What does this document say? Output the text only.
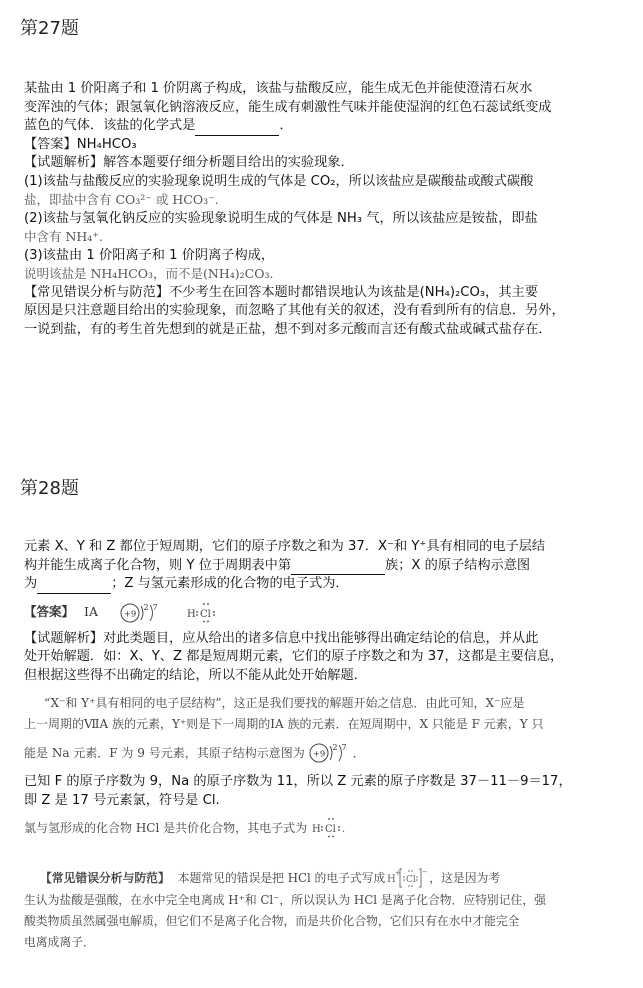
第27题
某盐由 1 价阳离子和 1 价阴离子构成，该盐与盐酸反应，能生成无色并能使澄清石灰水
变浑浊的气体；跟氢氧化钠溶液反应，能生成有刺激性气味并能使湿润的红色石蕊试纸变成
蓝色的气体．该盐的化学式是	．
【答案】NH₄HCO₃
【试题解析】解答本题要仔细分析题目给出的实验现象．
(1)该盐与盐酸反应的实验现象说明生成的气体是 CO₂，所以该盐应是碳酸盐或酸式碳酸
盐，即盐中含有 CO₃²⁻ 或 HCO₃⁻.
(2)该盐与氢氧化钠反应的实验现象说明生成的气体是 NH₃ 气，所以该盐应是铵盐，即盐
中含有 NH₄⁺.
(3)该盐由 1 价阳离子和 1 价阴离子构成，
说明该盐是 NH₄HCO₃，而不是(NH₄)₂CO₃.
【常见错误分析与防范】不少考生在回答本题时都错误地认为该盐是(NH₄)₂CO₃，其主要
原因是只注意题目给出的实验现象，而忽略了其他有关的叙述，没有看到所有的信息．另外，
一说到盐，有的考生首先想到的就是正盐，想不到对多元酸而言还有酸式盐或碱式盐存在．
第28题
元素 X、Y 和 Z 都位于短周期，它们的原子序数之和为 37．X⁻和 Y⁺具有相同的电子层结
构并能生成离子化合物，则 Y 位于周期表中第	族；X 的原子结构示意图
为	；Z 与氢元素形成的化合物的电子式为．
【答案】 ⅠA	+9
2 7
H Cl
【试题解析】对此类题目，应从给出的诸多信息中找出能够得出确定结论的信息，并从此
处开始解题．如：X、Y、Z 都是短周期元素，它们的原子序数之和为 37，这都是主要信息，
但根据这些得不出确定的结论，所以不能从此处开始解题．
“X⁻和 Y⁺具有相同的电子层结构”，这正是我们要找的解题开始之信息．由此可知，X⁻应是
上一周期的ⅦA 族的元素，Y⁺则是下一周期的ⅠA 族的元素．在短周期中，X 只能是 F 元素，Y 只
能是 Na 元素．F 为 9 号元素，其原子结构示意图为 +9
2 7 ．
已知 F 的原子序数为 9，Na 的原子序数为 11，所以 Z 元素的原子序数是 37－11－9＝17，
即 Z 是 17 号元素氯，符号是 Cl.
氯与氢形成的化合物 HCl 是共价化合物，其电子式为 H Cl .
【常见错误分析与防范】 本题常见的错误是把 HCl 的电子式写成 H
+
Cl
− ，这是因为考
生认为盐酸是强酸，在水中完全电离成 H⁺和 Cl⁻，所以误认为 HCl 是离子化合物．应特别记住，强
酸类物质虽然属强电解质，但它们不是离子化合物，而是共价化合物，它们只有在水中才能完全
电离成离子．
